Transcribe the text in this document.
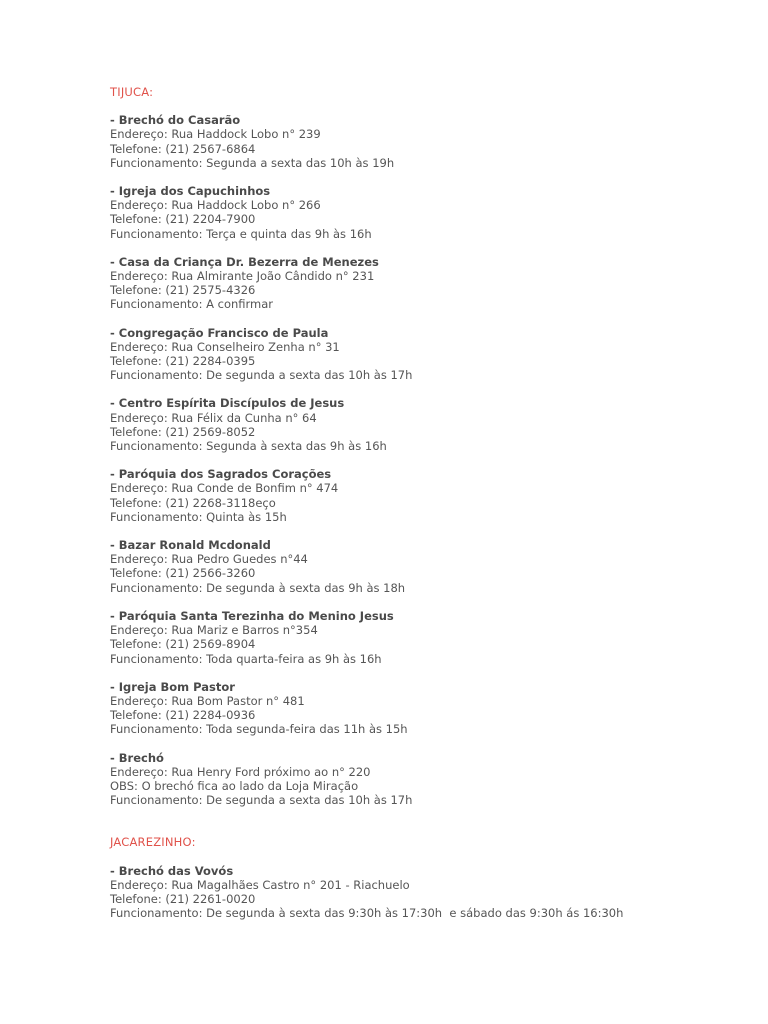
TIJUCA:
- Brechó do Casarão
Endereço: Rua Haddock Lobo n° 239
Telefone: (21) 2567-6864
Funcionamento: Segunda a sexta das 10h às 19h
- Igreja dos Capuchinhos
Endereço: Rua Haddock Lobo n° 266
Telefone: (21) 2204-7900
Funcionamento: Terça e quinta das 9h às 16h
- Casa da Criança Dr. Bezerra de Menezes
Endereço: Rua Almirante João Cândido n° 231
Telefone: (21) 2575-4326
Funcionamento: A confirmar
- Congregação Francisco de Paula
Endereço: Rua Conselheiro Zenha n° 31
Telefone: (21) 2284-0395
Funcionamento: De segunda a sexta das 10h às 17h
- Centro Espírita Discípulos de Jesus
Endereço: Rua Félix da Cunha n° 64
Telefone: (21) 2569-8052
Funcionamento: Segunda à sexta das 9h às 16h
- Paróquia dos Sagrados Corações
Endereço: Rua Conde de Bonfim n° 474
Telefone: (21) 2268-3118eço
Funcionamento: Quinta às 15h
- Bazar Ronald Mcdonald
Endereço: Rua Pedro Guedes n°44
Telefone: (21) 2566-3260
Funcionamento: De segunda à sexta das 9h às 18h
- Paróquia Santa Terezinha do Menino Jesus
Endereço: Rua Mariz e Barros n°354
Telefone: (21) 2569-8904
Funcionamento: Toda quarta-feira as 9h às 16h
- Igreja Bom Pastor
Endereço: Rua Bom Pastor n° 481
Telefone: (21) 2284-0936
Funcionamento: Toda segunda-feira das 11h às 15h
- Brechó
Endereço: Rua Henry Ford próximo ao n° 220
OBS: O brechó fica ao lado da Loja Miração
Funcionamento: De segunda a sexta das 10h às 17h
JACAREZINHO:
- Brechó das Vovós
Endereço: Rua Magalhães Castro n° 201 - Riachuelo
Telefone: (21) 2261-0020
Funcionamento: De segunda à sexta das 9:30h às 17:30h  e sábado das 9:30h ás 16:30h
